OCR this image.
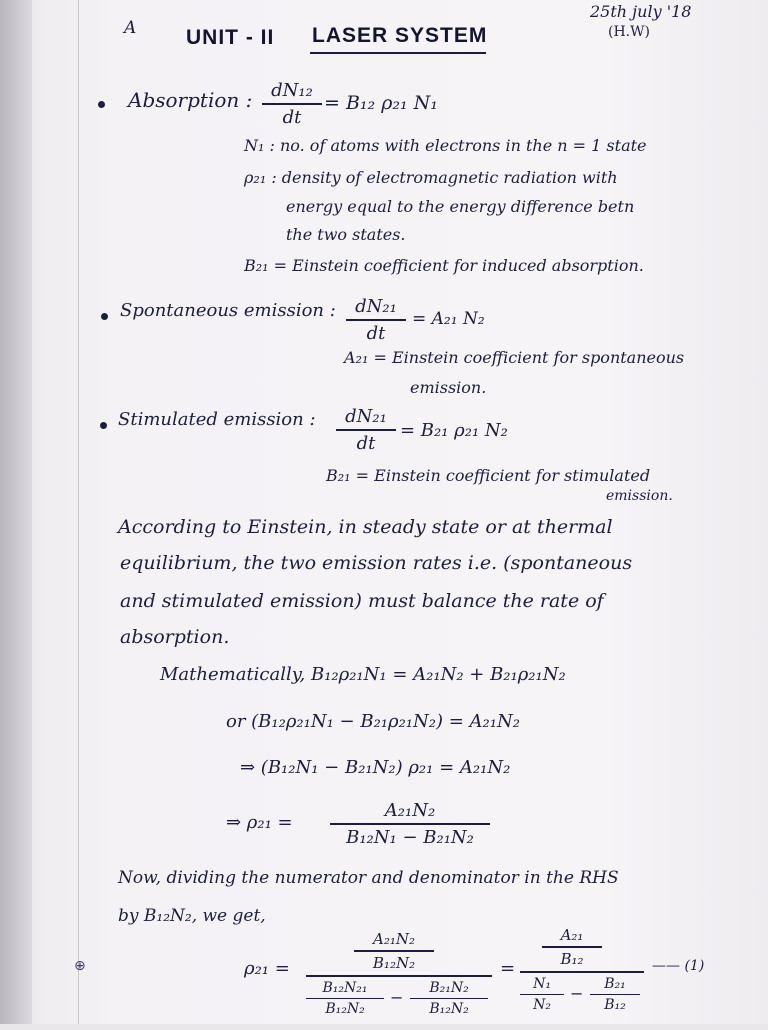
A UNIT - II LASER SYSTEM
25th july '18
(H.W)
Absorption :	dN₁₂
dt
= B₁₂ ρ₂₁ N₁
N₁ : no. of atoms with electrons in the n = 1 state
ρ₂₁ : density of electromagnetic radiation with
energy equal to the energy difference betn
the two states.
B₂₁ = Einstein coefficient for induced absorption.
Spontaneous emission :	dN₂₁
dt
= A₂₁ N₂
A₂₁ = Einstein coefficient for spontaneous
emission.
Stimulated emission :	dN₂₁
dt
= B₂₁ ρ₂₁ N₂
B₂₁ = Einstein coefficient for stimulated
emission.
According to Einstein, in steady state or at thermal
equilibrium, the two emission rates i.e. (spontaneous
and stimulated emission) must balance the rate of
absorption.
Mathematically, B₁₂ρ₂₁N₁ = A₂₁N₂ + B₂₁ρ₂₁N₂
or (B₁₂ρ₂₁N₁ − B₂₁ρ₂₁N₂) = A₂₁N₂
⇒ (B₁₂N₁ − B₂₁N₂) ρ₂₁ = A₂₁N₂
⇒ ρ₂₁ =
A₂₁N₂
B₁₂N₁ − B₂₁N₂
Now, dividing the numerator and denominator in the RHS
by B₁₂N₂, we get,
⊕	ρ₂₁ =
A₂₁N₂
B₁₂N₂
B₁₂N₂₁
B₁₂N₂
−	B₂₁N₂
B₁₂N₂
=
A₂₁
B₁₂
N₁
N₂
−	B₂₁
B₁₂
—— (1)
